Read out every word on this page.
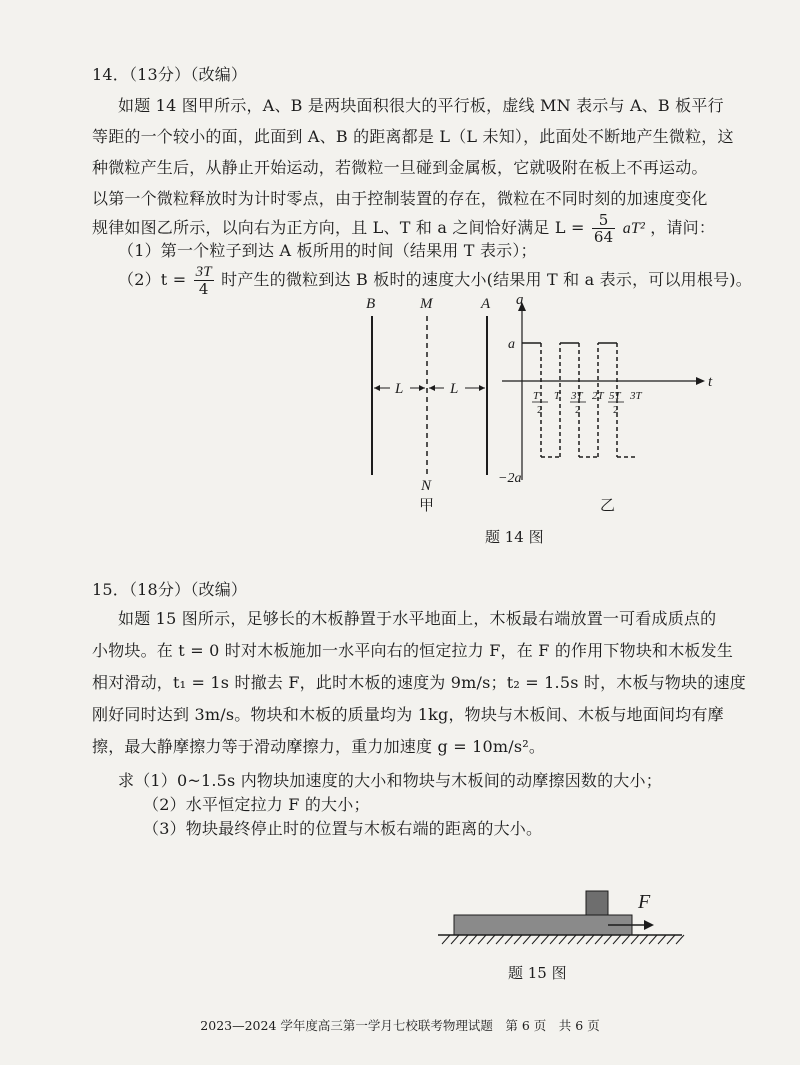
14．（13分）（改编）
如题 14 图甲所示，A、B 是两块面积很大的平行板，虚线 MN 表示与 A、B 板平行
等距的一个较小的面，此面到 A、B 的距离都是 L（L 未知），此面处不断地产生微粒，这
种微粒产生后，从静止开始运动，若微粒一旦碰到金属板，它就吸附在板上不再运动。
以第一个微粒释放时为计时零点，由于控制装置的存在，微粒在不同时刻的加速度变化
规律如图乙所示，以向右为正方向，且 L、T 和 a 之间恰好满足 $L = \frac{5}{64} aT^2$ ，请问：
（1）第一个粒子到达 A 板所用的时间（结果用 T 表示）；
$(2)t = \frac{3T}{4}$ 时产生的微粒到达 B 板时的速度大小(结果用 T 和 a 表示，可以用根号)。
B	M	A
N
甲
L	L
a
t
a
−2a
T
2
T 3T
2
2T 5T
2
3T
乙
题 14 图
15．（18分）（改编）
如题 15 图所示，足够长的木板静置于水平地面上，木板最右端放置一可看成质点的
小物块。在 t = 0 时对木板施加一水平向右的恒定拉力 F，在 F 的作用下物块和木板发生
相对滑动，t₁ = 1s 时撤去 F，此时木板的速度为 9m/s；t₂ = 1.5s 时，木板与物块的速度
刚好同时达到 3m/s。物块和木板的质量均为 1kg，物块与木板间、木板与地面间均有摩
擦，最大静摩擦力等于滑动摩擦力，重力加速度 g = 10m/s²。
求（1）0~1.5s 内物块加速度的大小和物块与木板间的动摩擦因数的大小；
（2）水平恒定拉力 F 的大小；
（3）物块最终停止时的位置与木板右端的距离的大小。
F
题 15 图
2023—2024 学年度高三第一学月七校联考物理试题　第 6 页　共 6 页
